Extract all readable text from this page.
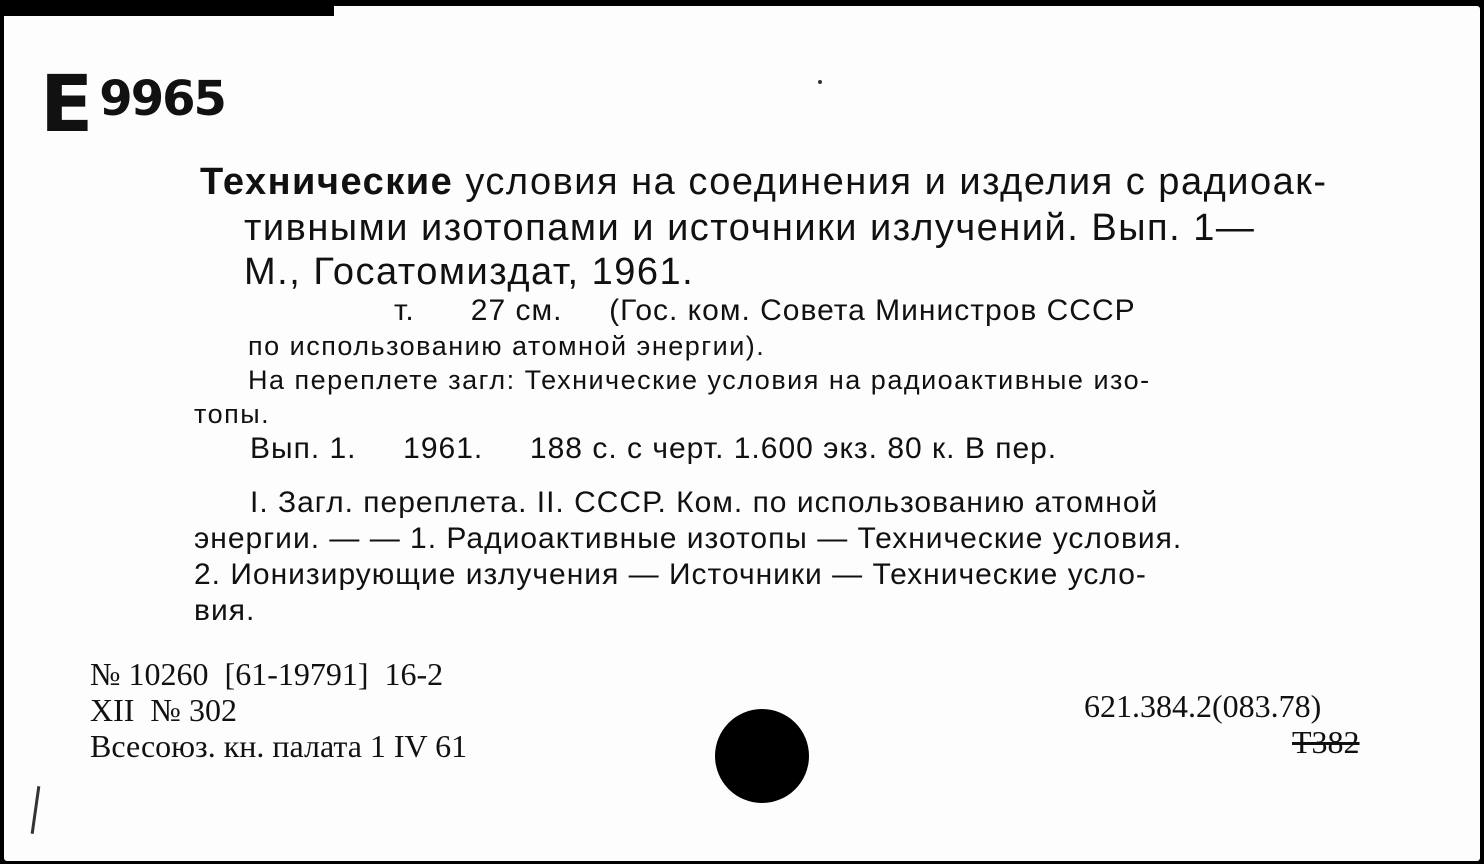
Е 9965
Технические условия на соединения и изделия с радиоак-
тивными изотопами и источники излучений. Вып. 1—
М., Госатомиздат, 1961.
т.      27 см.     (Гос. ком. Совета Министров СССР
по использованию атомной энергии).
На переплете загл: Технические условия на радиоактивные изо-
топы.
Вып. 1.     1961.     188 с. с черт. 1.600 экз. 80 к. В пер.
I. Загл. переплета. II. СССР. Ком. по использованию атомной
энергии. — — 1. Радиоактивные изотопы — Технические условия.
2. Ионизирующие излучения — Источники — Технические усло-
вия.
№ 10260  [61-19791]  16-2
XII  № 302
Всесоюз. кн. палата 1 IV 61
621.384.2(083.78)
Т382
